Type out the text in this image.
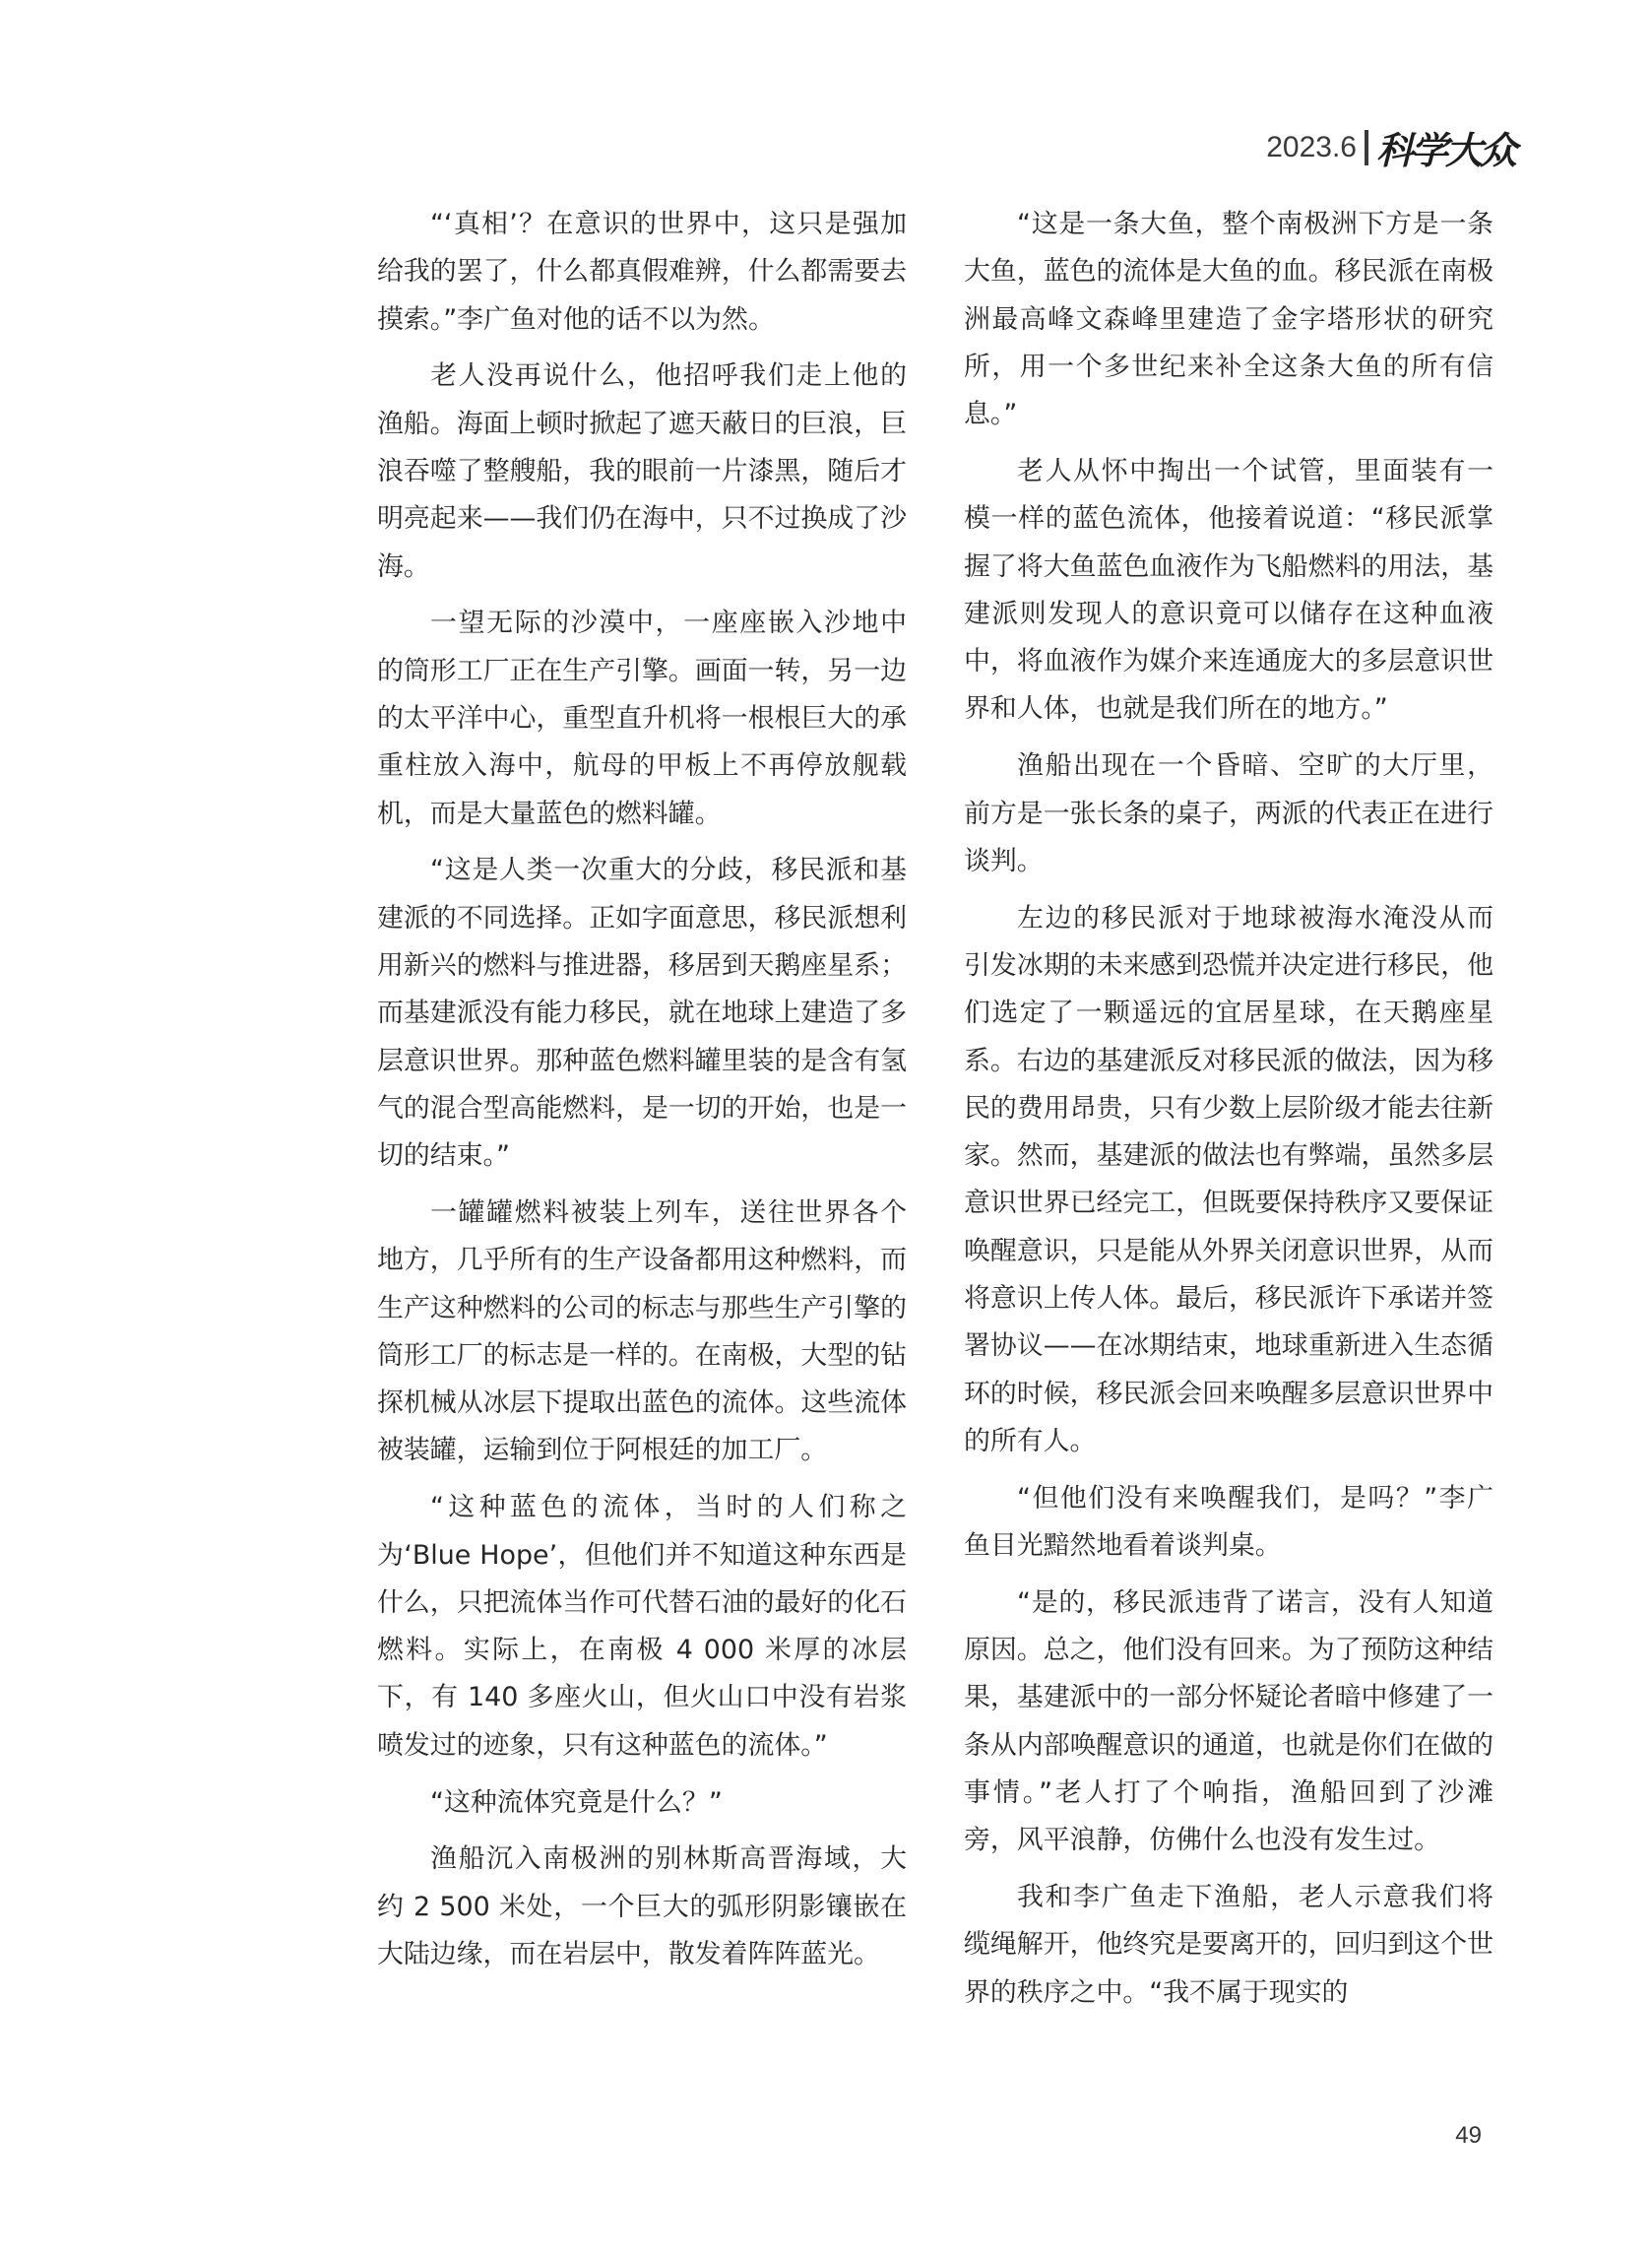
2023.6 科学大众

“‘真相’？在意识的世界中，这只是强加给我的罢了，什么都真假难辨，什么都需要去摸索。”李广鱼对他的话不以为然。

老人没再说什么，他招呼我们走上他的渔船。海面上顿时掀起了遮天蔽日的巨浪，巨浪吞噬了整艘船，我的眼前一片漆黑，随后才明亮起来——我们仍在海中，只不过换成了沙海。

一望无际的沙漠中，一座座嵌入沙地中的筒形工厂正在生产引擎。画面一转，另一边的太平洋中心，重型直升机将一根根巨大的承重柱放入海中，航母的甲板上不再停放舰载机，而是大量蓝色的燃料罐。

“这是人类一次重大的分歧，移民派和基建派的不同选择。正如字面意思，移民派想利用新兴的燃料与推进器，移居到天鹅座星系；而基建派没有能力移民，就在地球上建造了多层意识世界。那种蓝色燃料罐里装的是含有氢气的混合型高能燃料，是一切的开始，也是一切的结束。”

一罐罐燃料被装上列车，送往世界各个地方，几乎所有的生产设备都用这种燃料，而生产这种燃料的公司的标志与那些生产引擎的筒形工厂的标志是一样的。在南极，大型的钻探机械从冰层下提取出蓝色的流体。这些流体被装罐，运输到位于阿根廷的加工厂。

“这种蓝色的流体，当时的人们称之为‘Blue Hope’，但他们并不知道这种东西是什么，只把流体当作可代替石油的最好的化石燃料。实际上，在南极 4 000 米厚的冰层下，有 140 多座火山，但火山口中没有岩浆喷发过的迹象，只有这种蓝色的流体。”

“这种流体究竟是什么？”

渔船沉入南极洲的别林斯高晋海域，大约 2 500 米处，一个巨大的弧形阴影镶嵌在大陆边缘，而在岩层中，散发着阵阵蓝光。

“这是一条大鱼，整个南极洲下方是一条大鱼，蓝色的流体是大鱼的血。移民派在南极洲最高峰文森峰里建造了金字塔形状的研究所，用一个多世纪来补全这条大鱼的所有信息。”

老人从怀中掏出一个试管，里面装有一模一样的蓝色流体，他接着说道：“移民派掌握了将大鱼蓝色血液作为飞船燃料的用法，基建派则发现人的意识竟可以储存在这种血液中，将血液作为媒介来连通庞大的多层意识世界和人体，也就是我们所在的地方。”

渔船出现在一个昏暗、空旷的大厅里，前方是一张长条的桌子，两派的代表正在进行谈判。

左边的移民派对于地球被海水淹没从而引发冰期的未来感到恐慌并决定进行移民，他们选定了一颗遥远的宜居星球，在天鹅座星系。右边的基建派反对移民派的做法，因为移民的费用昂贵，只有少数上层阶级才能去往新家。然而，基建派的做法也有弊端，虽然多层意识世界已经完工，但既要保持秩序又要保证唤醒意识，只是能从外界关闭意识世界，从而将意识上传人体。最后，移民派许下承诺并签署协议——在冰期结束，地球重新进入生态循环的时候，移民派会回来唤醒多层意识世界中的所有人。

“但他们没有来唤醒我们，是吗？”李广鱼目光黯然地看着谈判桌。

“是的，移民派违背了诺言，没有人知道原因。总之，他们没有回来。为了预防这种结果，基建派中的一部分怀疑论者暗中修建了一条从内部唤醒意识的通道，也就是你们在做的事情。”老人打了个响指，渔船回到了沙滩旁，风平浪静，仿佛什么也没有发生过。

我和李广鱼走下渔船，老人示意我们将缆绳解开，他终究是要离开的，回归到这个世界的秩序之中。“我不属于现实的

49
